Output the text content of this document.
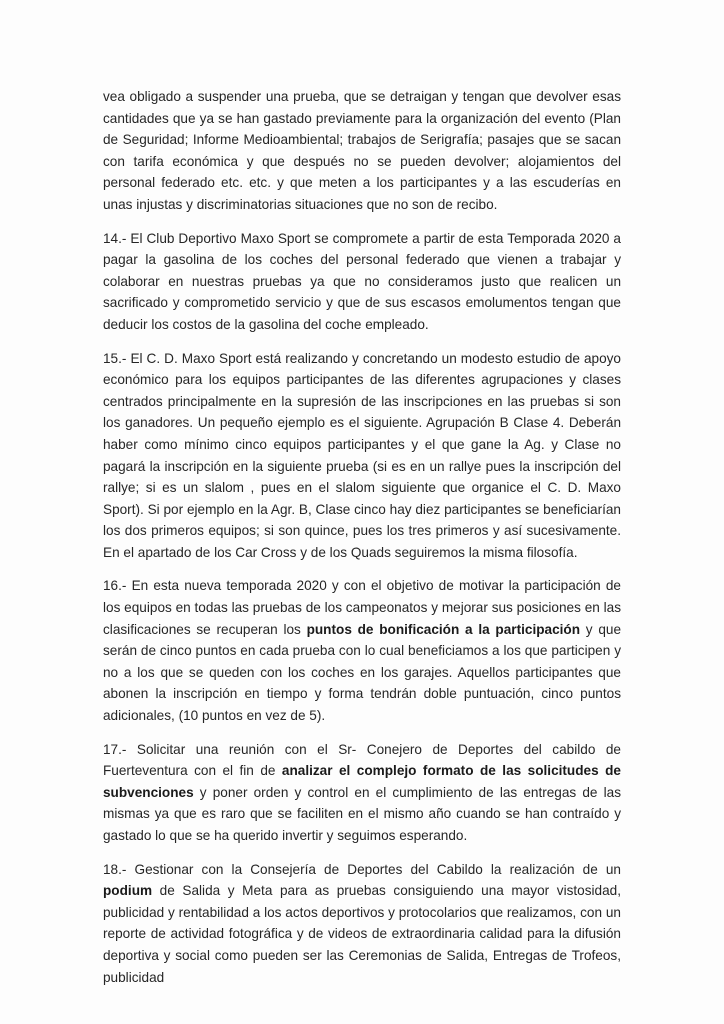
vea obligado a suspender una prueba, que se detraigan y tengan que devolver esas cantidades que ya se han gastado previamente para la organización del evento (Plan de Seguridad; Informe Medioambiental; trabajos de Serigrafía; pasajes que se sacan con tarifa económica y que después no se pueden devolver; alojamientos del personal federado etc. etc. y que meten a los participantes y a las escuderías en unas injustas y discriminatorias situaciones que no son de recibo.

14.- El Club Deportivo Maxo Sport se compromete a partir de esta Temporada 2020 a pagar la gasolina de los coches del personal federado que vienen a trabajar y colaborar en nuestras pruebas ya que no consideramos justo que realicen un sacrificado y comprometido servicio y que de sus escasos emolumentos tengan que deducir los costos de la gasolina del coche empleado.

15.- El C. D. Maxo Sport está realizando y concretando un modesto estudio de apoyo económico para los equipos participantes de las diferentes agrupaciones y clases centrados principalmente en la supresión de las inscripciones en las pruebas si son los ganadores. Un pequeño ejemplo es el siguiente. Agrupación B Clase 4. Deberán haber como mínimo cinco equipos participantes y el que gane la Ag. y Clase no pagará la inscripción en la siguiente prueba (si es en un rallye pues la inscripción del rallye; si es un slalom , pues en el slalom siguiente que organice el C. D. Maxo Sport). Si por ejemplo en la Agr. B, Clase cinco hay diez participantes se beneficiarían los dos primeros equipos; si son quince, pues los tres primeros y así sucesivamente. En el apartado de los Car Cross y de los Quads seguiremos la misma filosofía.

16.- En esta nueva temporada 2020 y con el objetivo de motivar la participación de los equipos en todas las pruebas de los campeonatos y mejorar sus posiciones en las clasificaciones se recuperan los puntos de bonificación a la participación y que serán de cinco puntos en cada prueba con lo cual beneficiamos a los que participen y no a los que se queden con los coches en los garajes. Aquellos participantes que abonen la inscripción en tiempo y forma tendrán doble puntuación, cinco puntos adicionales, (10 puntos en vez de 5).

17.- Solicitar una reunión con el Sr- Conejero de Deportes del cabildo de Fuerteventura con el fin de analizar el complejo formato de las solicitudes de subvenciones y poner orden y control en el cumplimiento de las entregas de las mismas ya que es raro que se faciliten en el mismo año cuando se han contraído y gastado lo que se ha querido invertir y seguimos esperando.

18.- Gestionar con la Consejería de Deportes del Cabildo la realización de un podium de Salida y Meta para as pruebas consiguiendo una mayor vistosidad, publicidad y rentabilidad a los actos deportivos y protocolarios que realizamos, con un reporte de actividad fotográfica y de videos de extraordinaria calidad para la difusión deportiva y social como pueden ser las Ceremonias de Salida, Entregas de Trofeos, publicidad
